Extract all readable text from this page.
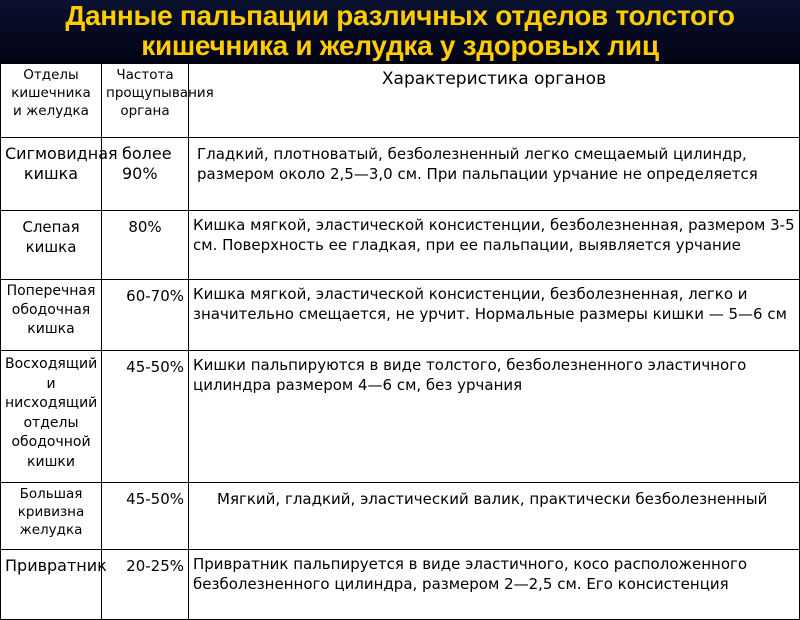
Данные пальпации различных отделов толстого кишечника и желудка у здоровых лиц
Отделы кишечника и желудка	Частота прощупывания органа	Характеристика органов
Сигмовидная кишка	более 90%	Гладкий, плотноватый, безболезненный легко смещаемый цилиндр, размером около 2,5—3,0 см. При пальпации урчание не определяется
Слепая кишка	80%	Кишка мягкой, эластической консистенции, безболезненная, размером 3-5 см. Поверхность ее гладкая, при ее пальпации, выявляется урчание
Поперечная ободочная кишка	60-70%	Кишка мягкой, эластической консистенции, безболезненная, легко и значительно смещается, не урчит. Нормальные размеры кишки — 5—6 см
Восходящий и нисходящий отделы ободочной кишки	45-50%	Кишки пальпируются в виде толстого, безболезненного эластичного цилиндра размером 4—6 см, без урчания
Большая кривизна желудка	45-50%	Мягкий, гладкий, эластический валик, практически безболезненный
Привратник	20-25%	Привратник пальпируется в виде эластичного, косо расположенного безболезненного цилиндра, размером 2—2,5 см. Его консистенция
